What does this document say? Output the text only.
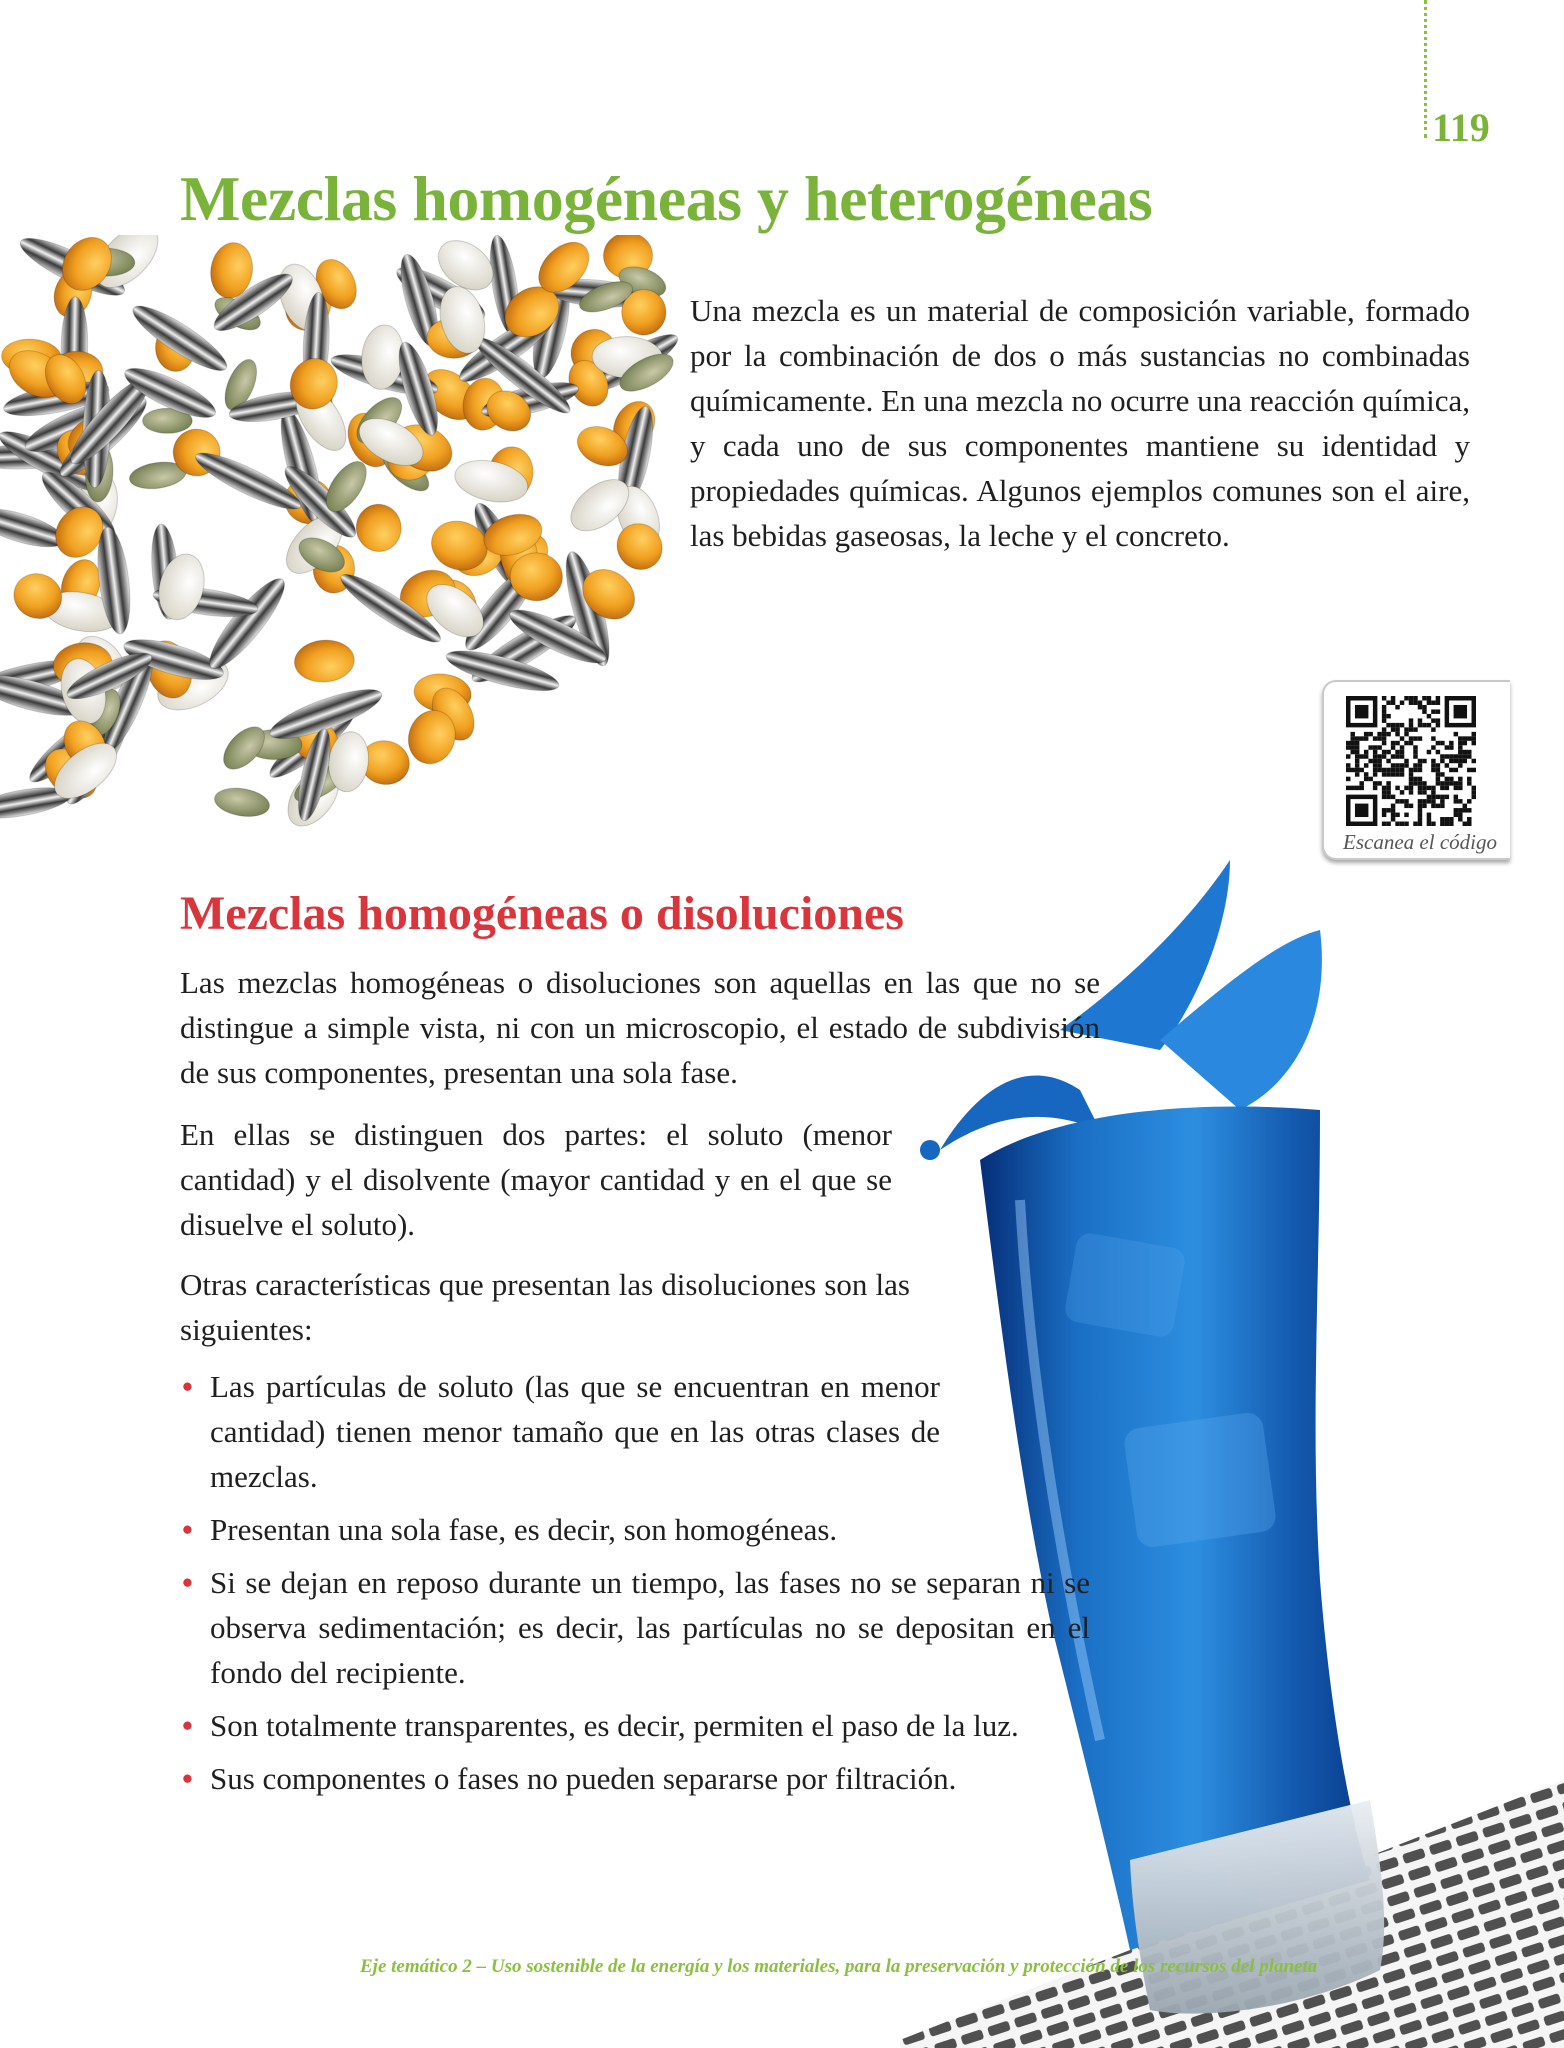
119
Mezclas homogéneas y heterogéneas

Una mezcla es un material de composición variable, formado por la combinación de dos o más sustancias no combinadas químicamente. En una mezcla no ocurre una reacción química, y cada uno de sus componentes mantiene su identidad y propiedades químicas. Algunos ejemplos comunes son el aire, las bebidas gaseosas, la leche y el concreto.

Escanea el código
Mezclas homogéneas o disoluciones

Las mezclas homogéneas o disoluciones son aquellas en las que no se distingue a simple vista, ni con un microscopio, el estado de subdivisión de sus componentes, presentan una sola fase.

En ellas se distinguen dos partes: el soluto (menor cantidad) y el disolvente (mayor cantidad y en el que se disuelve el soluto).

Otras características que presentan las disoluciones son las siguientes:

• Las partículas de soluto (las que se encuentran en menor cantidad) tienen menor tamaño que en las otras clases de mezclas.
• Presentan una sola fase, es decir, son homogéneas.
• Si se dejan en reposo durante un tiempo, las fases no se separan ni se observa sedimentación; es decir, las partículas no se depositan en el fondo del recipiente.
• Son totalmente transparentes, es decir, permiten el paso de la luz.
• Sus componentes o fases no pueden separarse por filtración.
Eje temático 2 – Uso sostenible de la energía y los materiales, para la preservación y protección de los recursos del planeta
